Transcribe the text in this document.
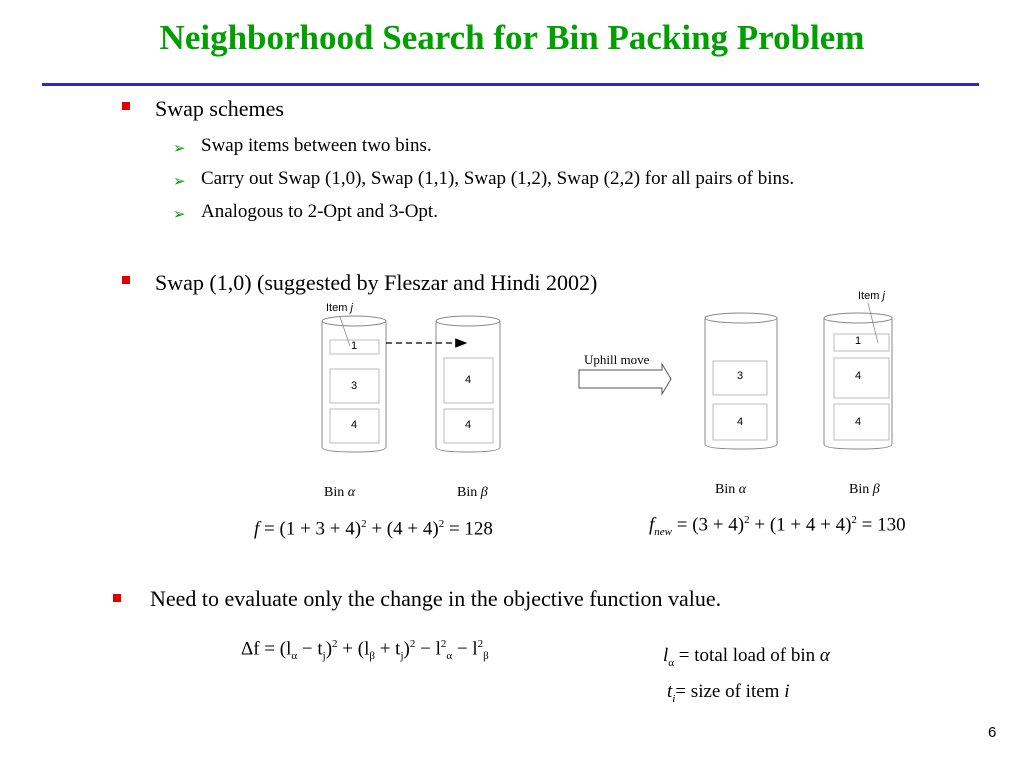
Neighborhood Search for Bin Packing Problem
Swap schemes
➢ Swap items between two bins.
➢ Carry out Swap (1,0), Swap (1,1), Swap (1,2), Swap (2,2) for all pairs of bins.
➢ Analogous to 2-Opt and 3-Opt.
Swap (1,0) (suggested by Fleszar and Hindi 2002)
Item j
Item j
1
3
4
4
4
3
4
1
4
4
Uphill move
Bin α	Bin β	Bin α	Bin β
$f = (1 + 3 + 4)^2 + (4 + 4)^2 = 128$	$f_{new} = (3 + 4)^2 + (1 + 4 + 4)^2 = 130$
Need to evaluate only the change in the objective function value.
$\Delta f = (l_\alpha - t_j)^2 + (l_\beta + t_j)^2 - l^2_\alpha - l^2_\beta$	$l_\alpha$ = total load of bin α
$t_i=$ size of item i
6
